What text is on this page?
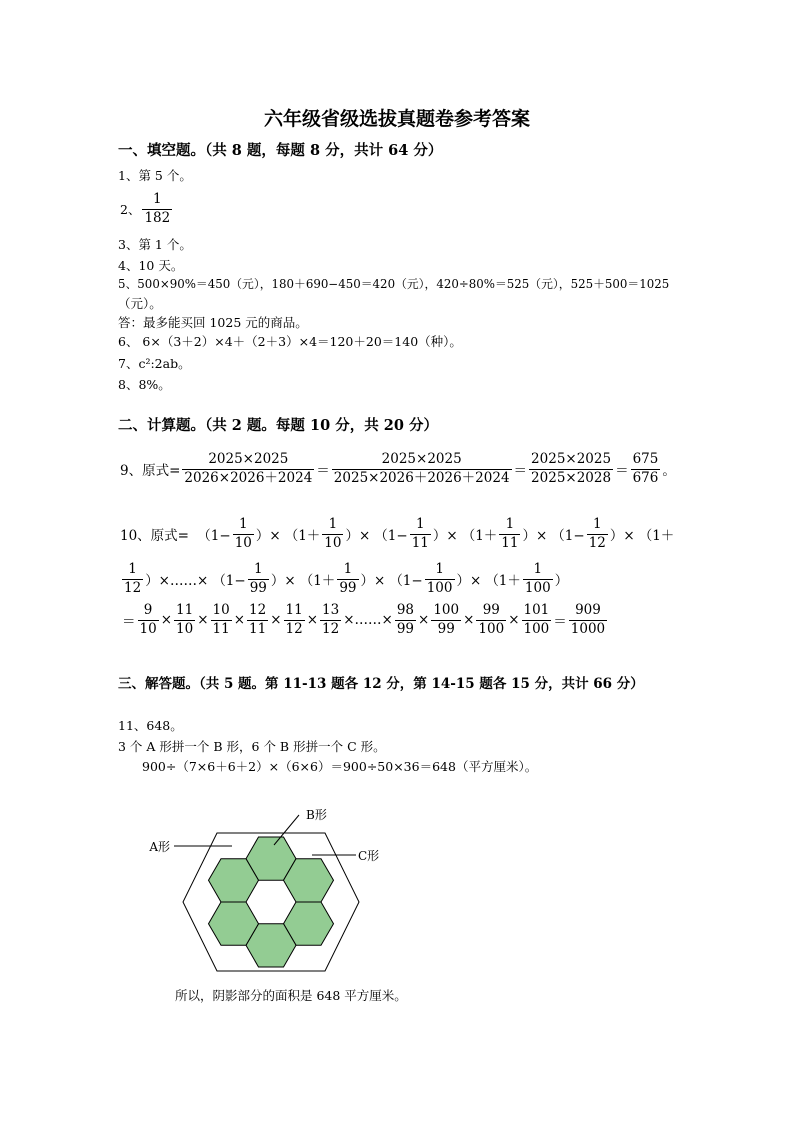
六年级省级选拔真题卷参考答案
一、填空题。（共 8 题，每题 8 分，共计 64 分）
1、第 5 个。
2、 $\frac{1}{182}$
3、第 1 个。
4、10 天。
5、500×90%＝450（元），180＋690−450＝420（元），420÷80%＝525（元），525＋500＝1025
（元）。
答：最多能买回 1025 元的商品。
6、 6×（3＋2）×4＋（2＋3）×4＝120＋20＝140（种）。
7、c²:2ab。
8、8%。
二、计算题。（共 2 题。每题 10 分，共 20 分）
9、原式= $\frac{2025\times 2025}{2026\times 2026+2024} = \frac{2025\times 2025}{2025\times 2026+2026+2024} = \frac{2025\times 2025}{2025\times 2028} = \frac{675}{676}$ 。
10、原式= （$1- \frac{1}{10}$ ）× （$1+ \frac{1}{10}$ ）× （$1- \frac{1}{11}$ ）× （$1+ \frac{1}{11}$ ）× （$1- \frac{1}{12}$ ）× （1＋
$\frac{1}{12}$ ）×……× （$1- \frac{1}{99}$ ）× （$1+ \frac{1}{99}$ ）× （$1- \frac{1}{100}$ ）× （$1+ \frac{1}{100}$ ）
＝ $\frac{9}{10} \times \frac{11}{10} \times \frac{10}{11} \times \frac{12}{11} \times \frac{11}{12} \times \frac{13}{12}$ ×……× $\frac{98}{99} \times \frac{100}{99} \times \frac{99}{100} \times \frac{101}{100} = \frac{909}{1000}$
三、解答题。（共 5 题。第 11-13 题各 12 分，第 14-15 题各 15 分，共计 66 分）
11、648。
3 个 A 形拼一个 B 形，6 个 B 形拼一个 C 形。
900÷（7×6＋6＋2）×（6×6）＝900÷50×36＝648（平方厘米）。
A形
B形
C形
所以，阴影部分的面积是 648 平方厘米。
